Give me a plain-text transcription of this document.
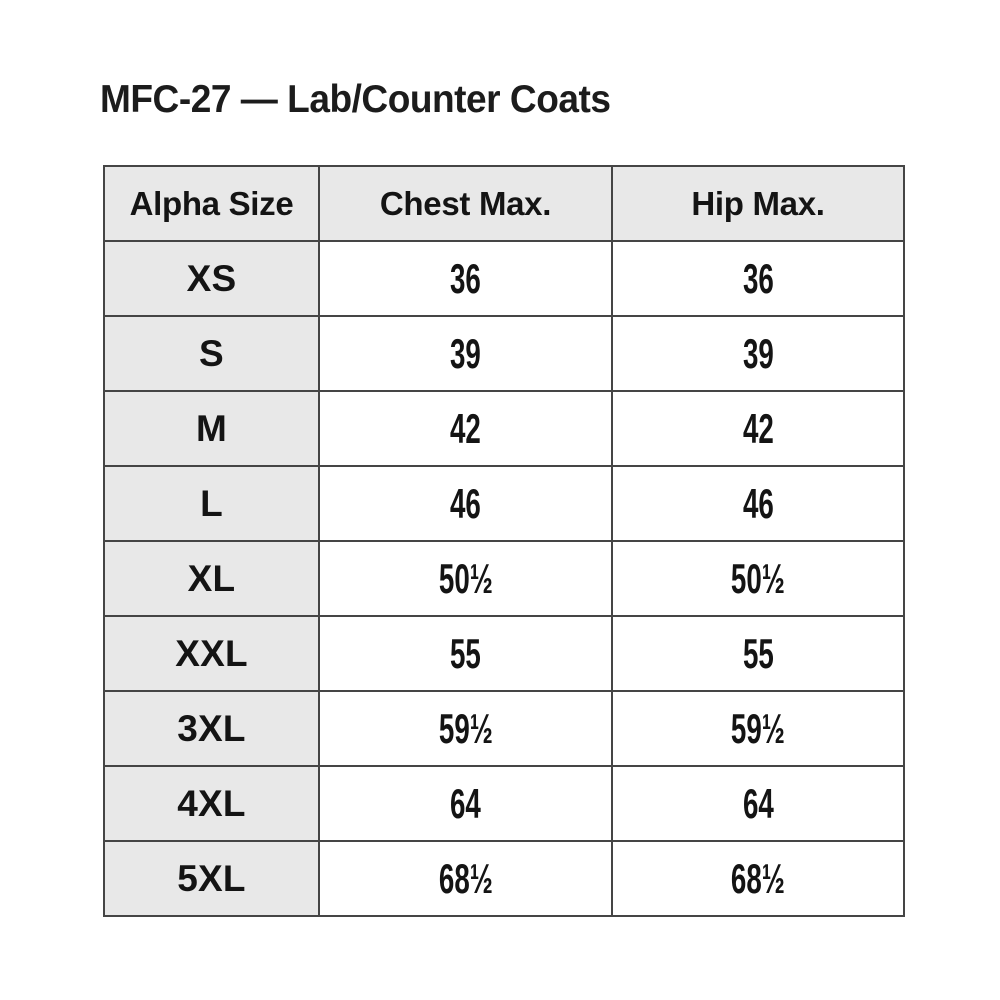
MFC-27 — Lab/Counter Coats
Alpha Size	Chest Max.	Hip Max.
XS	36	36
S	39	39
M	42	42
L	46	46
XL	50½	50½
XXL	55	55
3XL	59½	59½
4XL	64	64
5XL	68½	68½
